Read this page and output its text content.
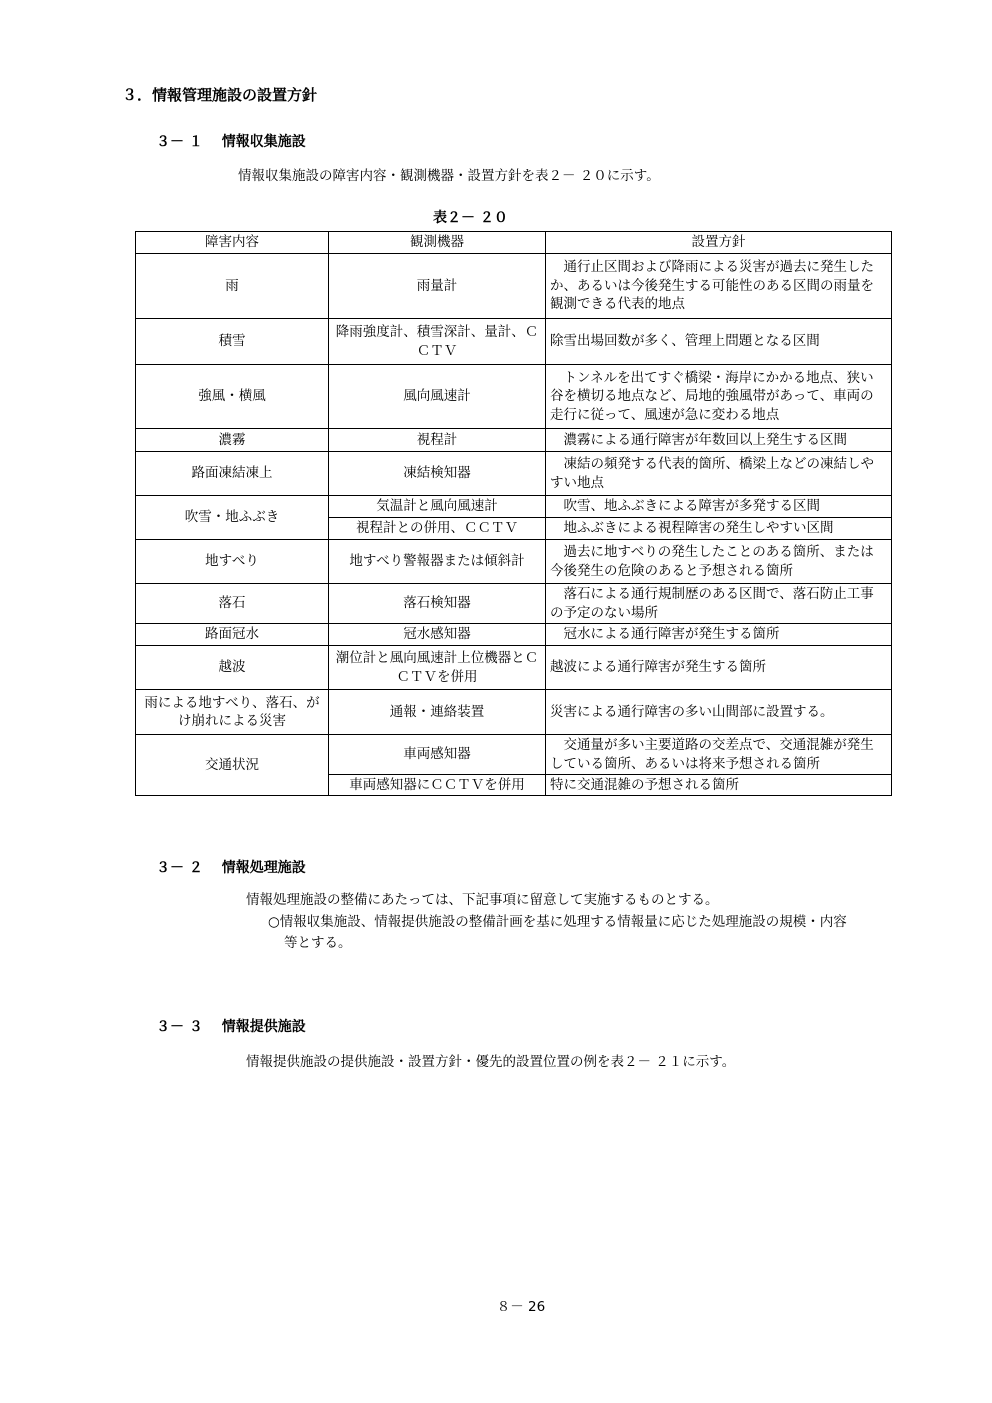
３．情報管理施設の設置方針
３－ １　 情報収集施設
情報収集施設の障害内容・観測機器・設置方針を表２－ ２０に示す。
表２－ ２０
障害内容	観測機器	設置方針
雨	雨量計	通行止区間および降雨による災害が過去に発生したか、あるいは今後発生する可能性のある区間の雨量を観測できる代表的地点
積雪	降雨強度計、積雪深計、量計、ＣＣＴＶ	除雪出場回数が多く、管理上問題となる区間
強風・横風	風向風速計	トンネルを出てすぐ橋梁・海岸にかかる地点、狭い谷を横切る地点など、局地的強風帯があって、車両の走行に従って、風速が急に変わる地点
濃霧	視程計	濃霧による通行障害が年数回以上発生する区間
路面凍結凍上	凍結検知器	凍結の頻発する代表的箇所、橋梁上などの凍結しやすい地点
吹雪・地ふぶき	気温計と風向風速計	吹雪、地ふぶきによる障害が多発する区間
	視程計との併用、ＣＣＴＶ	地ふぶきによる視程障害の発生しやすい区間
地すべり	地すべり警報器または傾斜計	過去に地すべりの発生したことのある箇所、または今後発生の危険のあると予想される箇所
落石	落石検知器	落石による通行規制歴のある区間で、落石防止工事の予定のない場所
路面冠水	冠水感知器	冠水による通行障害が発生する箇所
越波	潮位計と風向風速計上位機器とＣＣＴＶを併用	越波による通行障害が発生する箇所
雨による地すべり、落石、がけ崩れによる災害	通報・連絡装置	災害による通行障害の多い山間部に設置する。
交通状況	車両感知器	交通量が多い主要道路の交差点で、交通混雑が発生している箇所、あるいは将来予想される箇所
	車両感知器にＣＣＴＶを併用	特に交通混雑の予想される箇所
３－ ２　 情報処理施設
情報処理施設の整備にあたっては、下記事項に留意して実施するものとする。
○情報収集施設、情報提供施設の整備計画を基に処理する情報量に応じた処理施設の規模・内容
等とする。
３－ ３　 情報提供施設
情報提供施設の提供施設・設置方針・優先的設置位置の例を表２－ ２１に示す。
８－ 26
